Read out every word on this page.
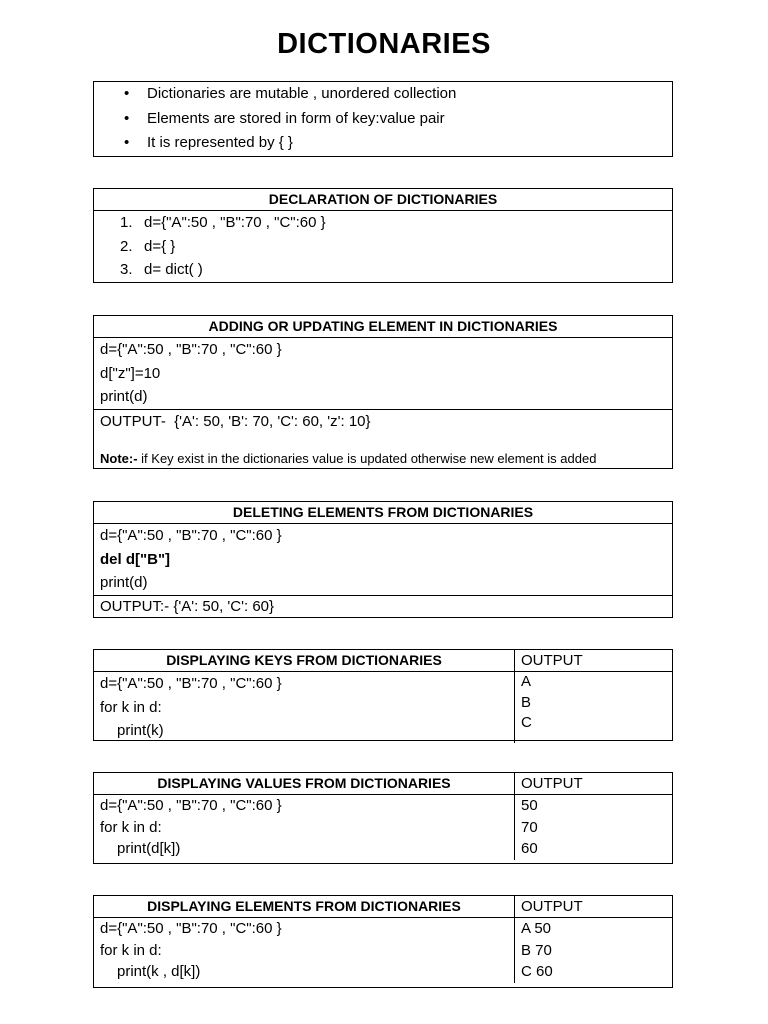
DICTIONARIES
• Dictionaries are mutable , unordered collection
• Elements are stored in form of key:value pair
• It is represented by { }
DECLARATION OF DICTIONARIES
1. d={"A":50 , "B":70 , "C":60 }
2. d={ }
3. d= dict( )
ADDING OR UPDATING ELEMENT IN DICTIONARIES
d={"A":50 , "B":70 , "C":60 }
d["z"]=10
print(d)
OUTPUT-  {'A': 50, 'B': 70, 'C': 60, 'z': 10}
Note:- if Key exist in the dictionaries value is updated otherwise new element is added
DELETING ELEMENTS FROM DICTIONARIES
d={"A":50 , "B":70 , "C":60 }
del d["B"]
print(d)
OUTPUT:- {'A': 50, 'C': 60}
DISPLAYING KEYS FROM DICTIONARIES
d={"A":50 , "B":70 , "C":60 }
for k in d:
print(k)
OUTPUT
A
B
C
DISPLAYING VALUES FROM DICTIONARIES
d={"A":50 , "B":70 , "C":60 }
for k in d:
print(d[k])
OUTPUT
50
70
60
DISPLAYING ELEMENTS FROM DICTIONARIES
d={"A":50 , "B":70 , "C":60 }
for k in d:
print(k , d[k])
OUTPUT
A 50
B 70
C 60
